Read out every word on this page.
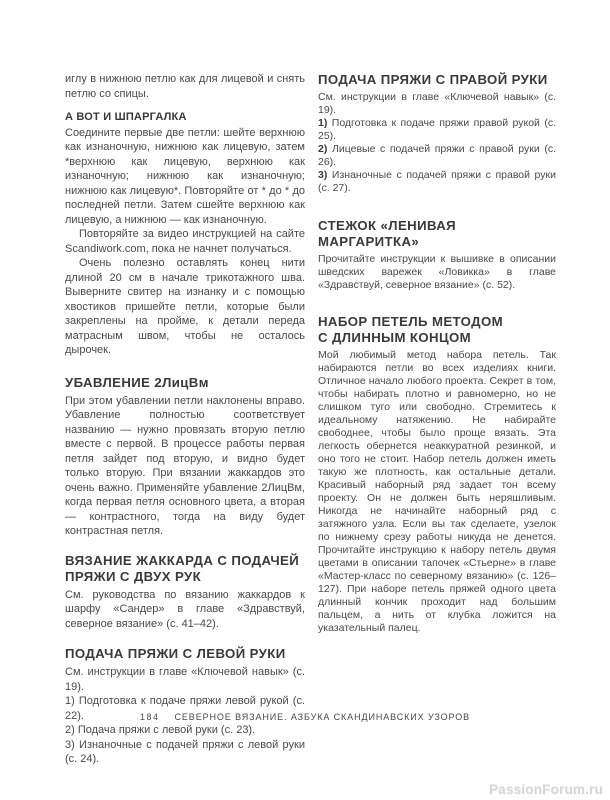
иглу в нижнюю петлю как для лицевой и снять петлю со спицы.

А ВОТ И ШПАРГАЛКА

Соедините первые две петли: шейте верхнюю как изнаночную, нижнюю как лицевую, затем *верхнюю как лицевую, верхнюю как изнаночную; нижнюю как изнаночную; нижнюю как лицевую*. Повторяйте от * до * до последней петли. Затем сшейте верхнюю как лицевую, а нижнюю — как изнаночную.

Повторяйте за видео инструкцией на сайте Scandiwork.com, пока не начнет получаться.

Очень полезно оставлять конец нити длиной 20 см в начале трикотажного шва. Выверните свитер на изнанку и с помощью хвостиков пришейте петли, которые были закреплены на пройме, к детали переда матрасным швом, чтобы не осталось дырочек.

УБАВЛЕНИЕ 2ЛицВм

При этом убавлении петли наклонены вправо. Убавление полностью соответствует названию — нужно провязать вторую петлю вместе с первой. В процессе работы первая петля зайдет под вторую, и видно будет только вторую. При вязании жаккардов это очень важно. Применяйте убавление 2ЛицВм, когда первая петля основного цвета, а вторая — контрастного, тогда на виду будет контрастная петля.

ВЯЗАНИЕ ЖАККАРДА С ПОДАЧЕЙ
ПРЯЖИ С ДВУХ РУК

См. руководства по вязанию жаккардов к шарфу «Сандер» в главе «Здравствуй, северное вязание» (с. 41–42).

ПОДАЧА ПРЯЖИ С ЛЕВОЙ РУКИ

См. инструкции в главе «Ключевой навык» (с. 19).

1) Подготовка к подаче пряжи левой рукой (с. 22).

2) Подача пряжи с левой руки (с. 23).

3) Изнаночные с подачей пряжи с левой руки (с. 24).

ПОДАЧА ПРЯЖИ С ПРАВОЙ РУКИ

См. инструкции в главе «Ключевой навык» (с. 19).

1) Подготовка к подаче пряжи правой рукой (с. 25).

2) Лицевые с подачей пряжи с правой руки (с. 26).

3) Изнаночные с подачей пряжи с правой руки (с. 27).

СТЕЖОК «ЛЕНИВАЯ МАРГАРИТКА»

Прочитайте инструкции к вышивке в описании шведских варежек «Ловикка» в главе «Здравствуй, северное вязание» (с. 52).

НАБОР ПЕТЕЛЬ МЕТОДОМ
С ДЛИННЫМ КОНЦОМ

Мой любимый метод набора петель. Так набираются петли во всех изделиях книги. Отличное начало любого проекта. Секрет в том, чтобы набирать плотно и равномерно, но не слишком туго или свободно. Стремитесь к идеальному натяжению. Не набирайте свободнее, чтобы было проще вязать. Эта легкость обернется неаккуратной резинкой, и оно того не стоит. Набор петель должен иметь такую же плотность, как остальные детали. Красивый наборный ряд задает тон всему проекту. Он не должен быть неряшливым. Никогда не начинайте наборный ряд с затяжного узла. Если вы так сделаете, узелок по нижнему срезу работы никуда не денется. Прочитайте инструкцию к набору петель двумя цветами в описании тапочек «Стьерне» в главе «Мастер-класс по северному вязанию» (с. 126–127). При наборе петель пряжей одного цвета длинный кончик проходит над большим пальцем, а нить от клубка ложится на указательный палец.

184 СЕВЕРНОЕ ВЯЗАНИЕ. АЗБУКА СКАНДИНАВСКИХ УЗОРОВ
PassionForum.ru
